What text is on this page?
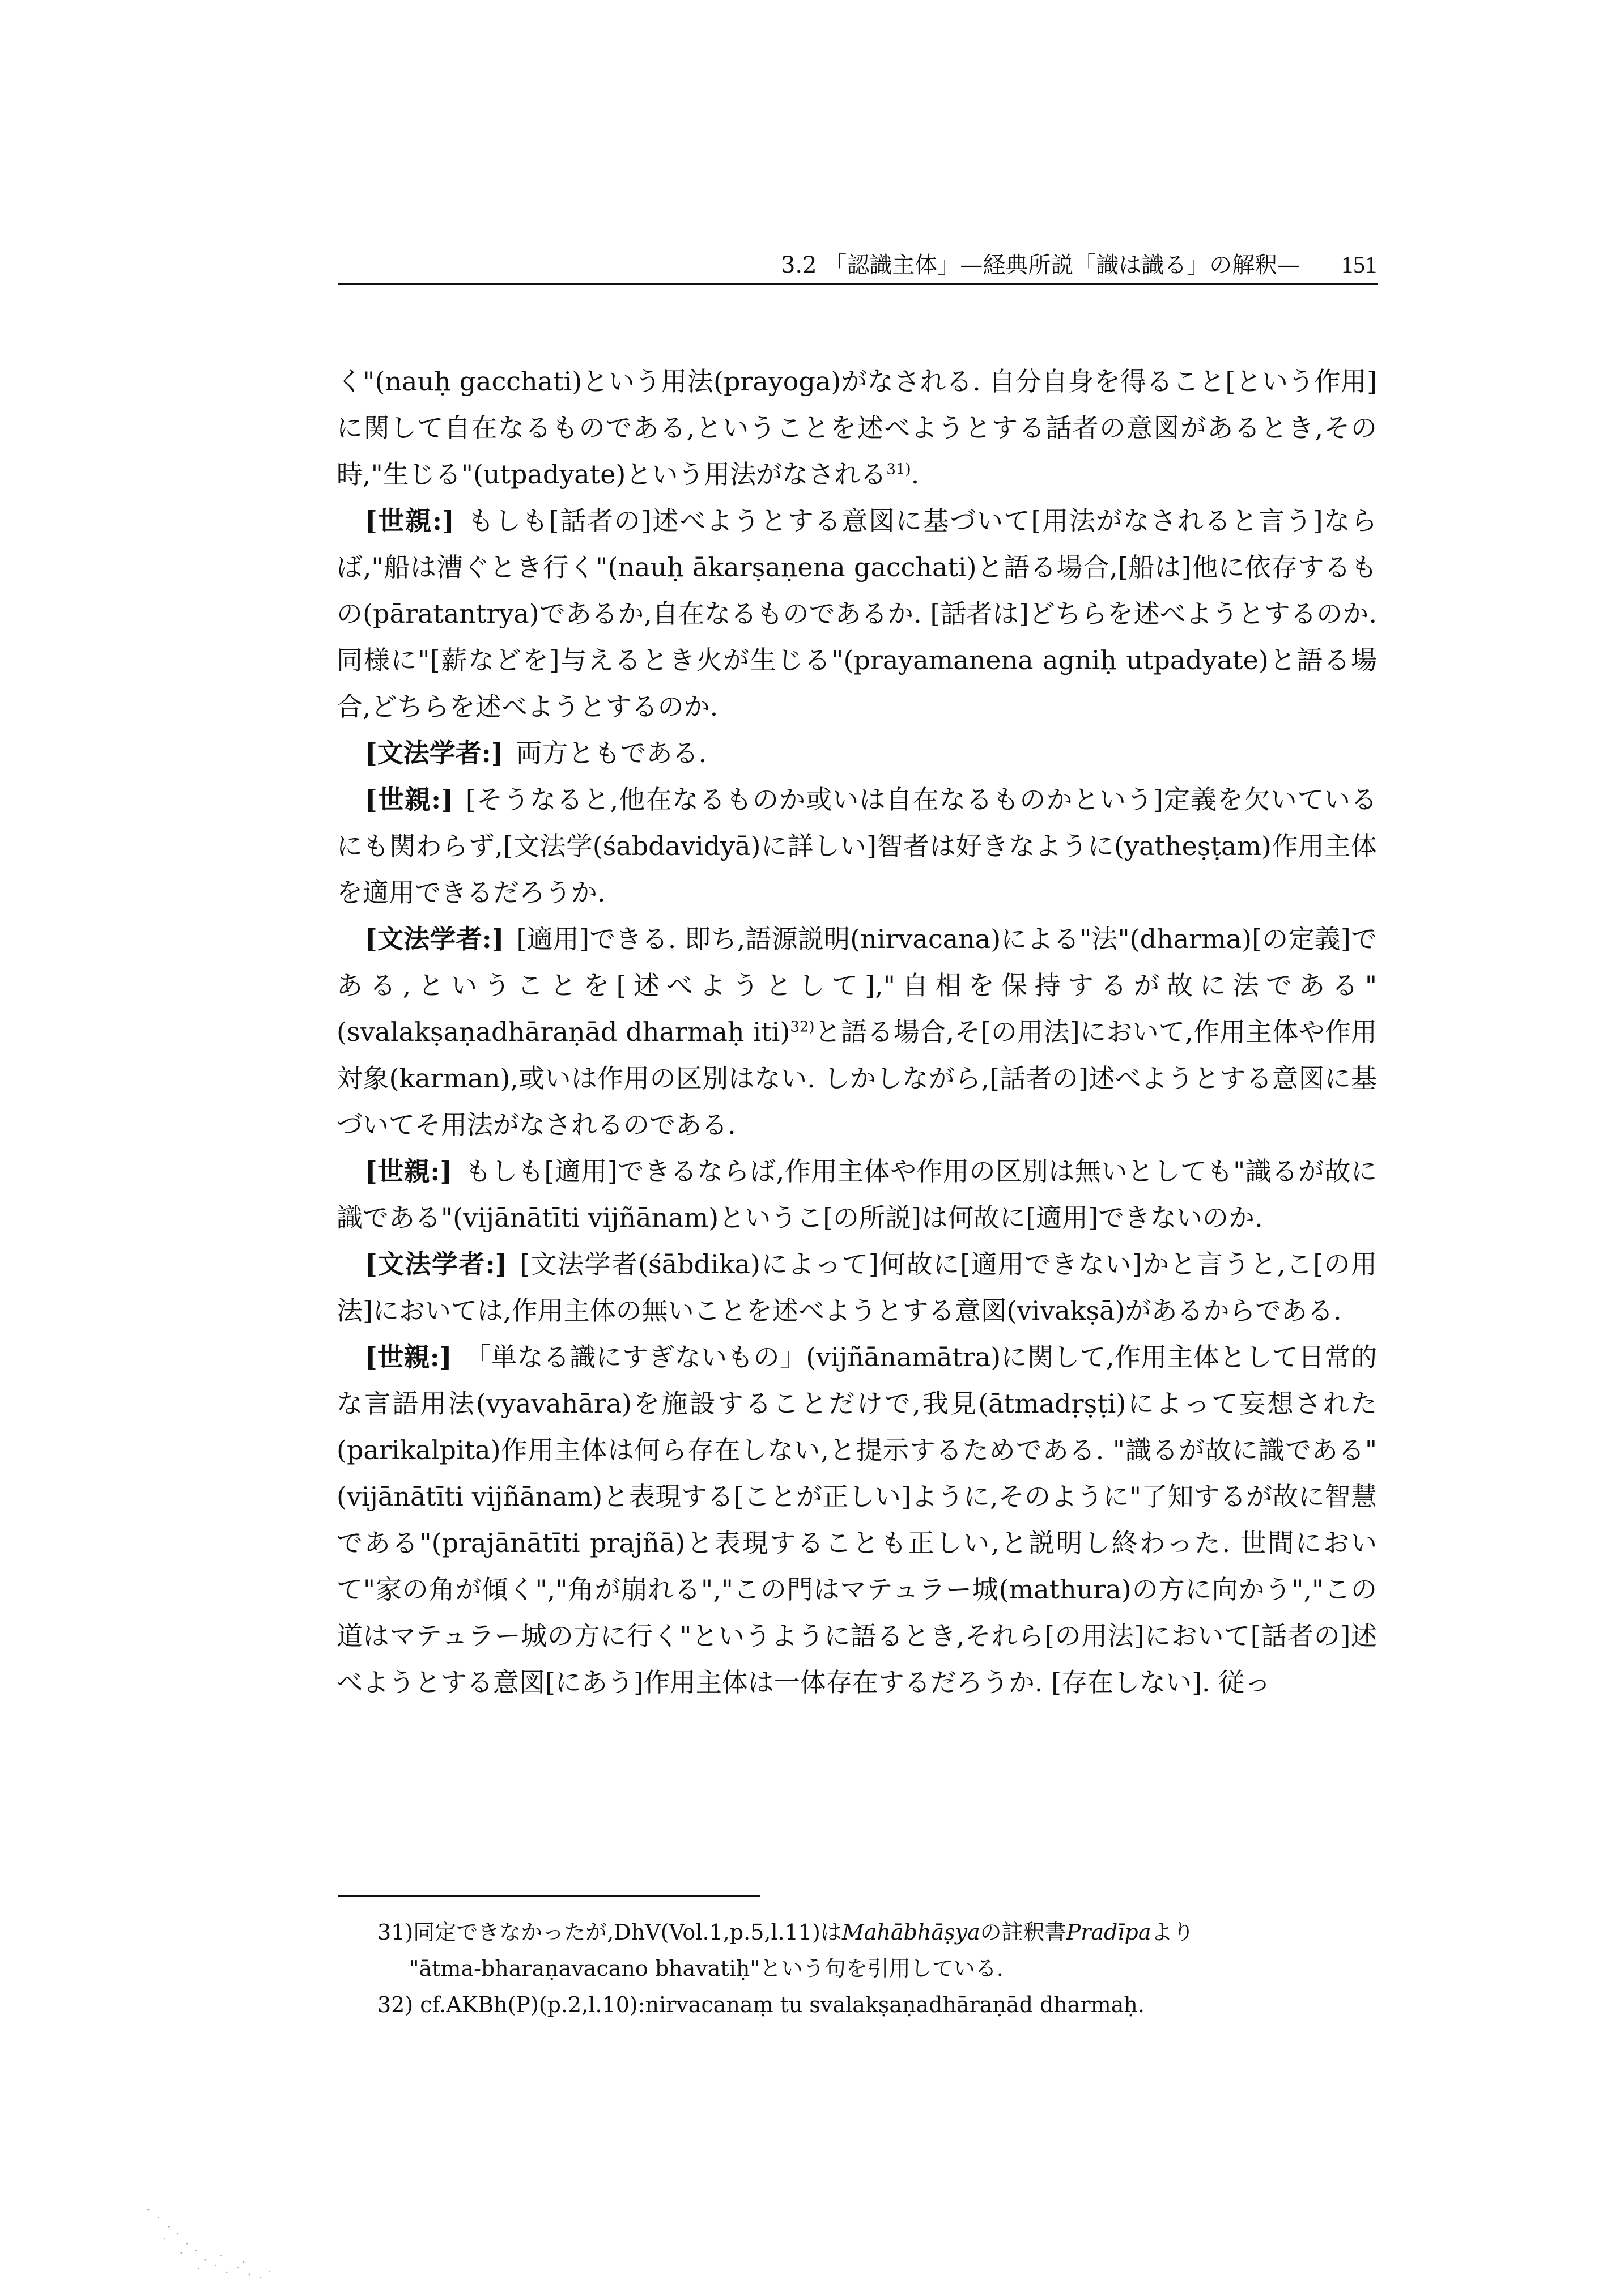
3.2 「認識主体」—経典所説「識は識る」の解釈— 151

く"(nauḥ gacchati)という用法(prayoga)がなされる. 自分自身を得ること[という作用]に関して自在なるものである,ということを述べようとする話者の意図があるとき,その時,"生じる"(utpadyate)という用法がなされる$^{31)}$.

[世親:] もしも[話者の]述べようとする意図に基づいて[用法がなされると言う]ならば,"船は漕ぐとき行く"(nauḥ ākarṣaṇena gacchati)と語る場合,[船は]他に依存するもの(pāratantrya)であるか,自在なるものであるか. [話者は]どちらを述べようとするのか. 同様に"[薪などを]与えるとき火が生じる"(prayamanena agniḥ utpadyate)と語る場合,どちらを述べようとするのか.

[文法学者:] 両方ともである.

[世親:] [そうなると,他在なるものか或いは自在なるものかという]定義を欠いているにも関わらず,[文法学(śabdavidyā)に詳しい]智者は好きなように(yatheṣṭam)作用主体を適用できるだろうか.

[文法学者:] [適用]できる. 即ち,語源説明(nirvacana)による"法"(dharma)[の定義]である,ということを[述べようとして],"自相を保持するが故に法である"(svalakṣaṇadhāraṇād dharmaḥ iti)$^{32)}$と語る場合,そ[の用法]において,作用主体や作用対象(karman),或いは作用の区別はない. しかしながら,[話者の]述べようとする意図に基づいてそ用法がなされるのである.

[世親:] もしも[適用]できるならば,作用主体や作用の区別は無いとしても"識るが故に識である"(vijānātīti vijñānam)というこ[の所説]は何故に[適用]できないのか.

[文法学者:] [文法学者(śābdika)によって]何故に[適用できない]かと言うと,こ[の用法]においては,作用主体の無いことを述べようとする意図(vivakṣā)があるからである.

[世親:] 「単なる識にすぎないもの」(vijñānamātra)に関して,作用主体として日常的な言語用法(vyavahāra)を施設することだけで,我見(ātmadṛṣṭi)によって妄想された(parikalpita)作用主体は何ら存在しない,と提示するためである. "識るが故に識である"(vijānātīti vijñānam)と表現する[ことが正しい]ように,そのように"了知するが故に智慧である"(prajānātīti prajñā)と表現することも正しい,と説明し終わった. 世間において"家の角が傾く","角が崩れる","この門はマテュラー城(mathura)の方に向かう","この道はマテュラー城の方に行く"というように語るとき,それら[の用法]において[話者の]述べようとする意図[にあう]作用主体は一体存在するだろうか. [存在しない]. 従っ

31)同定できなかったが,DhV(Vol.1,p.5,l.11)はMahābhāṣyaの註釈書Pradīpaより

"ātma-bharaṇavacano bhavatiḥ"という句を引用している.

32) cf.AKBh(P)(p.2,l.10):nirvacanaṃ tu svalakṣaṇadhāraṇād dharmaḥ.
